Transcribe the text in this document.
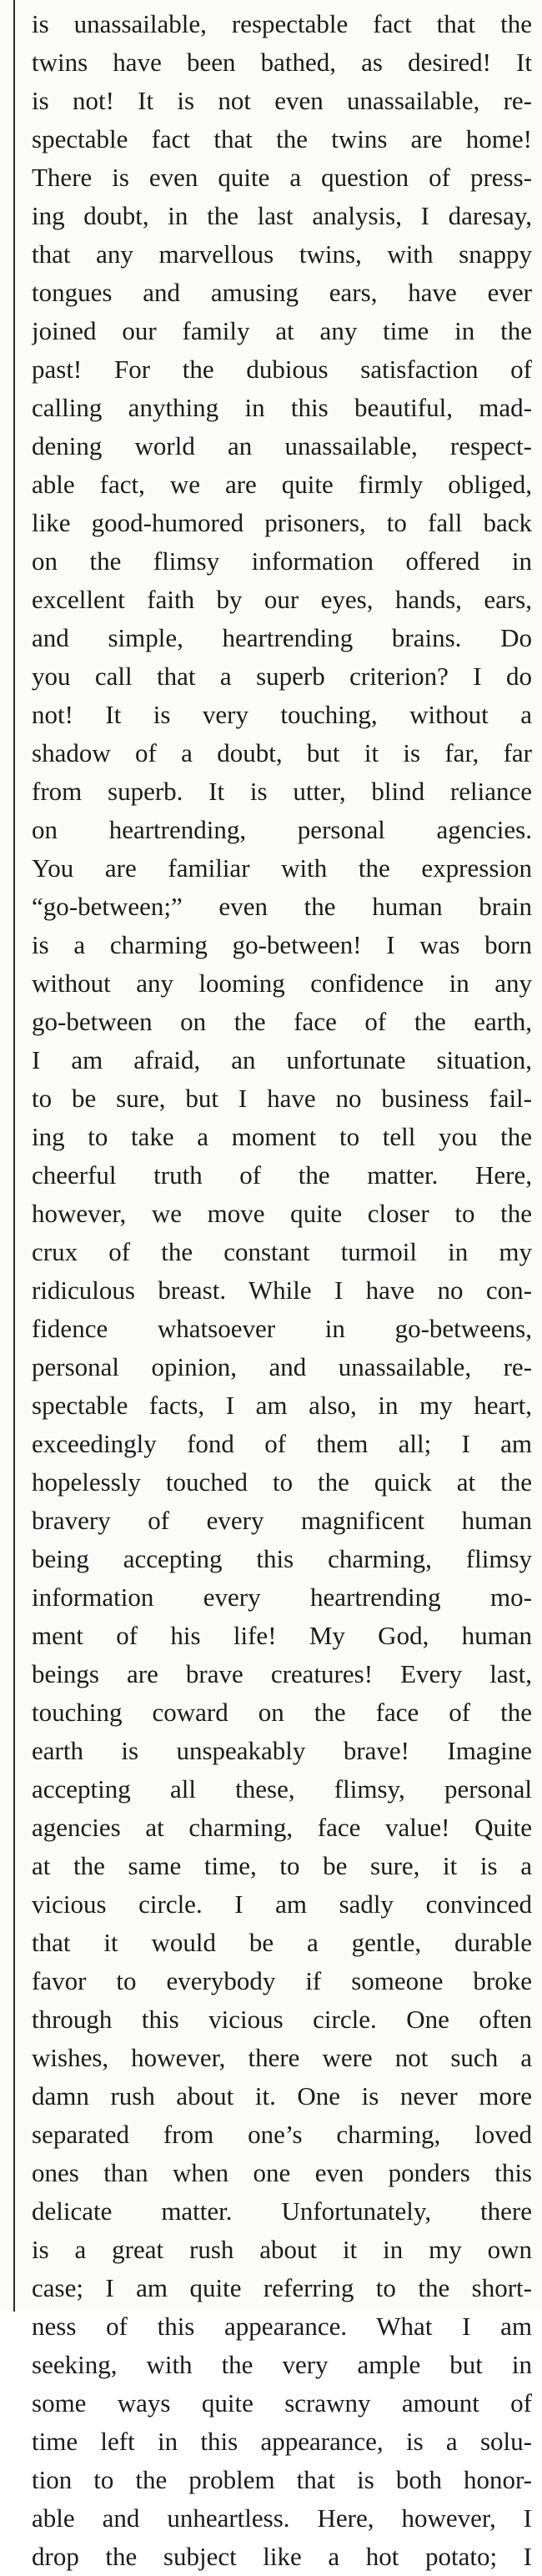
is unassailable, respectable fact that the
twins have been bathed, as desired! It
is not! It is not even unassailable, re-
spectable fact that the twins are home!
There is even quite a question of press-
ing doubt, in the last analysis, I daresay,
that any marvellous twins, with snappy
tongues and amusing ears, have ever
joined our family at any time in the
past! For the dubious satisfaction of
calling anything in this beautiful, mad-
dening world an unassailable, respect-
able fact, we are quite firmly obliged,
like good-humored prisoners, to fall back
on the flimsy information offered in
excellent faith by our eyes, hands, ears,
and simple, heartrending brains. Do
you call that a superb criterion? I do
not! It is very touching, without a
shadow of a doubt, but it is far, far
from superb. It is utter, blind reliance
on heartrending, personal agencies.
You are familiar with the expression
“go-between;” even the human brain
is a charming go-between! I was born
without any looming confidence in any
go-between on the face of the earth,
I am afraid, an unfortunate situation,
to be sure, but I have no business fail-
ing to take a moment to tell you the
cheerful truth of the matter. Here,
however, we move quite closer to the
crux of the constant turmoil in my
ridiculous breast. While I have no con-
fidence whatsoever in go-betweens,
personal opinion, and unassailable, re-
spectable facts, I am also, in my heart,
exceedingly fond of them all; I am
hopelessly touched to the quick at the
bravery of every magnificent human
being accepting this charming, flimsy
information every heartrending mo-
ment of his life! My God, human
beings are brave creatures! Every last,
touching coward on the face of the
earth is unspeakably brave! Imagine
accepting all these, flimsy, personal
agencies at charming, face value! Quite
at the same time, to be sure, it is a
vicious circle. I am sadly convinced
that it would be a gentle, durable
favor to everybody if someone broke
through this vicious circle. One often
wishes, however, there were not such a
damn rush about it. One is never more
separated from one’s charming, loved
ones than when one even ponders this
delicate matter. Unfortunately, there
is a great rush about it in my own
case; I am quite referring to the short-
ness of this appearance. What I am
seeking, with the very ample but in
some ways quite scrawny amount of
time left in this appearance, is a solu-
tion to the problem that is both honor-
able and unheartless. Here, however, I
drop the subject like a hot potato; I
